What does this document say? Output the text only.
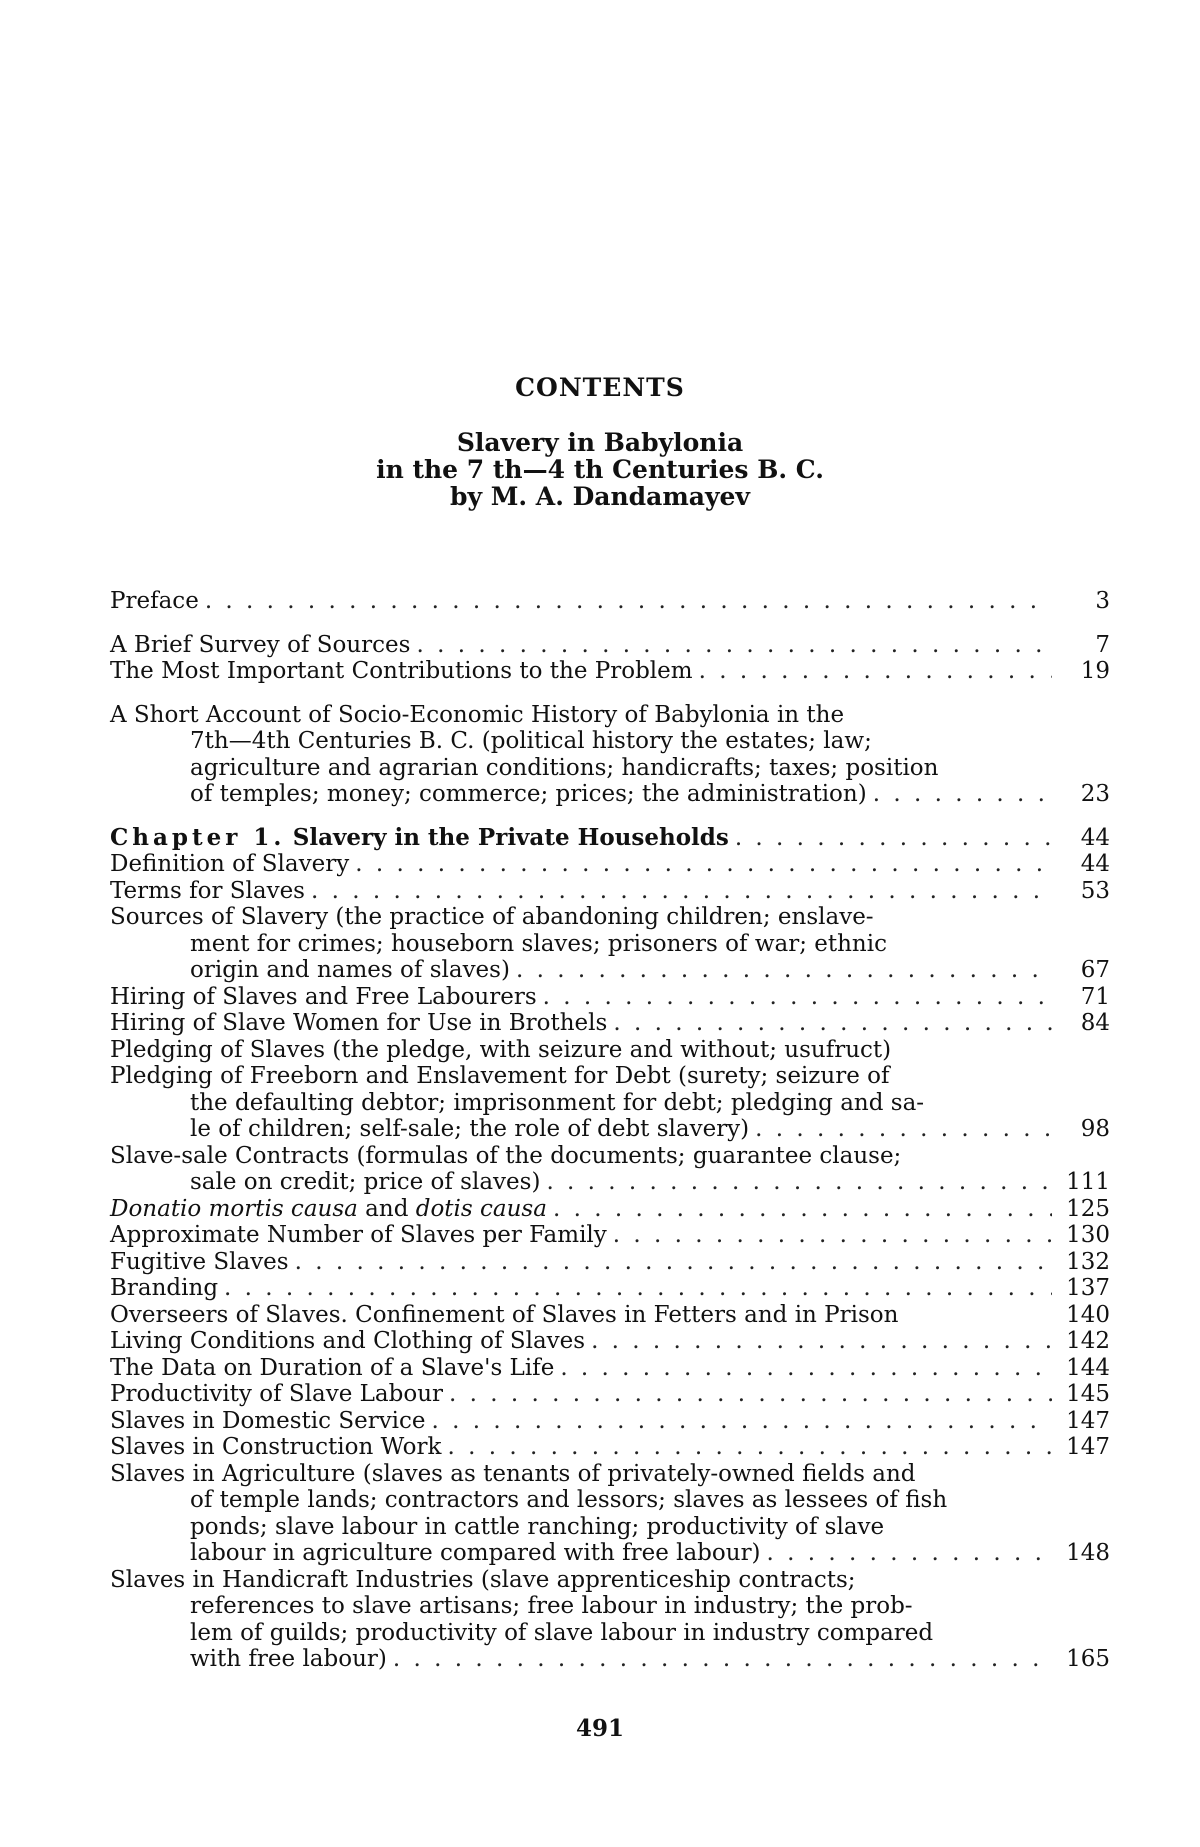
CONTENTS
Slavery in Babylonia
in the 7 th—4 th Centuries B. C.
by M. A. Dandamayev
Preface . . .	3
A Brief Survey of Sources . . .	7
The Most Important Contributions to the Problem . . .	19
A Short Account of Socio-Economic History of Babylonia in the
7th—4th Centuries B. C. (political history the estates; law;
agriculture and agrarian conditions; handicrafts; taxes; position
of temples; money; commerce; prices; the administration) . . .	23
Chapter 1. Slavery in the Private Households . . .	44
Definition of Slavery . . .	44
Terms for Slaves . . .	53
Sources of Slavery (the practice of abandoning children; enslave-
ment for crimes; houseborn slaves; prisoners of war; ethnic
origin and names of slaves) . . .	67
Hiring of Slaves and Free Labourers . . .	71
Hiring of Slave Women for Use in Brothels . . .	84
Pledging of Slaves (the pledge, with seizure and without; usufruct)
Pledging of Freeborn and Enslavement for Debt (surety; seizure of
the defaulting debtor; imprisonment for debt; pledging and sa-
le of children; self-sale; the role of debt slavery) . . .	98
Slave-sale Contracts (formulas of the documents; guarantee clause;
sale on credit; price of slaves) . . .	111
Donatio mortis causa and dotis causa . . .	125
Approximate Number of Slaves per Family . . .	130
Fugitive Slaves . . .	132
Branding . . .	137
Overseers of Slaves. Confinement of Slaves in Fetters and in Prison	140
Living Conditions and Clothing of Slaves . . .	142
The Data on Duration of a Slave's Life . . .	144
Productivity of Slave Labour . . .	145
Slaves in Domestic Service . . .	147
Slaves in Construction Work . . .	147
Slaves in Agriculture (slaves as tenants of privately-owned fields and
of temple lands; contractors and lessors; slaves as lessees of fish
ponds; slave labour in cattle ranching; productivity of slave
labour in agriculture compared with free labour) . . .	148
Slaves in Handicraft Industries (slave apprenticeship contracts;
references to slave artisans; free labour in industry; the prob-
lem of guilds; productivity of slave labour in industry compared
with free labour) . . .	165
491
